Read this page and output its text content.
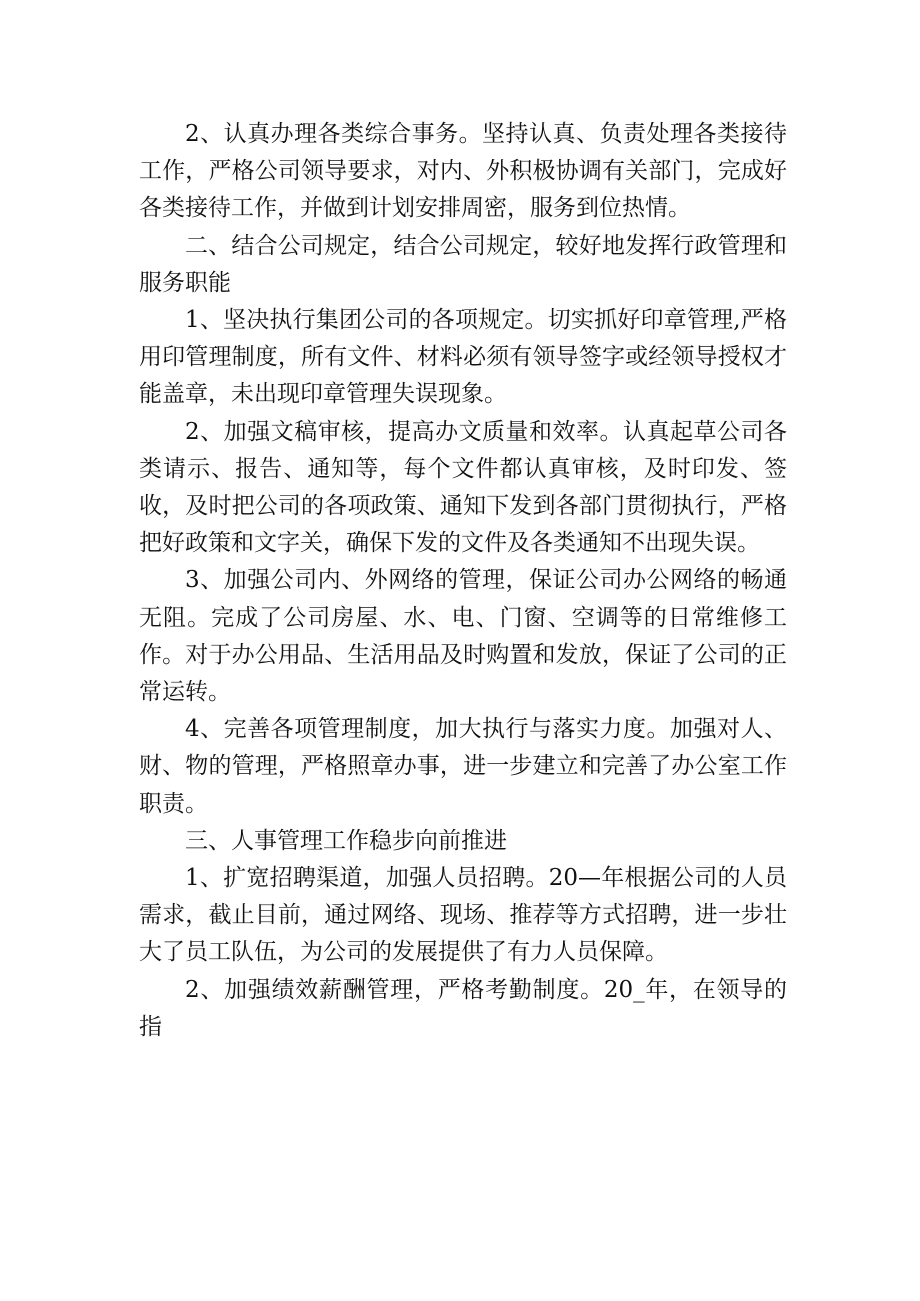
2、认真办理各类综合事务。坚持认真、负责处理各类接待工作，严格公司领导要求，对内、外积极协调有关部门，完成好各类接待工作，并做到计划安排周密，服务到位热情。

二、结合公司规定，结合公司规定，较好地发挥行政管理和服务职能

1、坚决执行集团公司的各项规定。切实抓好印章管理,严格用印管理制度，所有文件、材料必须有领导签字或经领导授权才能盖章，未出现印章管理失误现象。

2、加强文稿审核，提高办文质量和效率。认真起草公司各类请示、报告、通知等，每个文件都认真审核，及时印发、签收，及时把公司的各项政策、通知下发到各部门贯彻执行，严格把好政策和文字关，确保下发的文件及各类通知不出现失误。

3、加强公司内、外网络的管理，保证公司办公网络的畅通无阻。完成了公司房屋、水、电、门窗、空调等的日常维修工作。对于办公用品、生活用品及时购置和发放，保证了公司的正常运转。

4、完善各项管理制度，加大执行与落实力度。加强对人、财、物的管理，严格照章办事，进一步建立和完善了办公室工作职责。

三、人事管理工作稳步向前推进

1、扩宽招聘渠道，加强人员招聘。20—年根据公司的人员需求，截止目前，通过网络、现场、推荐等方式招聘，进一步壮大了员工队伍，为公司的发展提供了有力人员保障。

2、加强绩效薪酬管理，严格考勤制度。20_年，在领导的指
